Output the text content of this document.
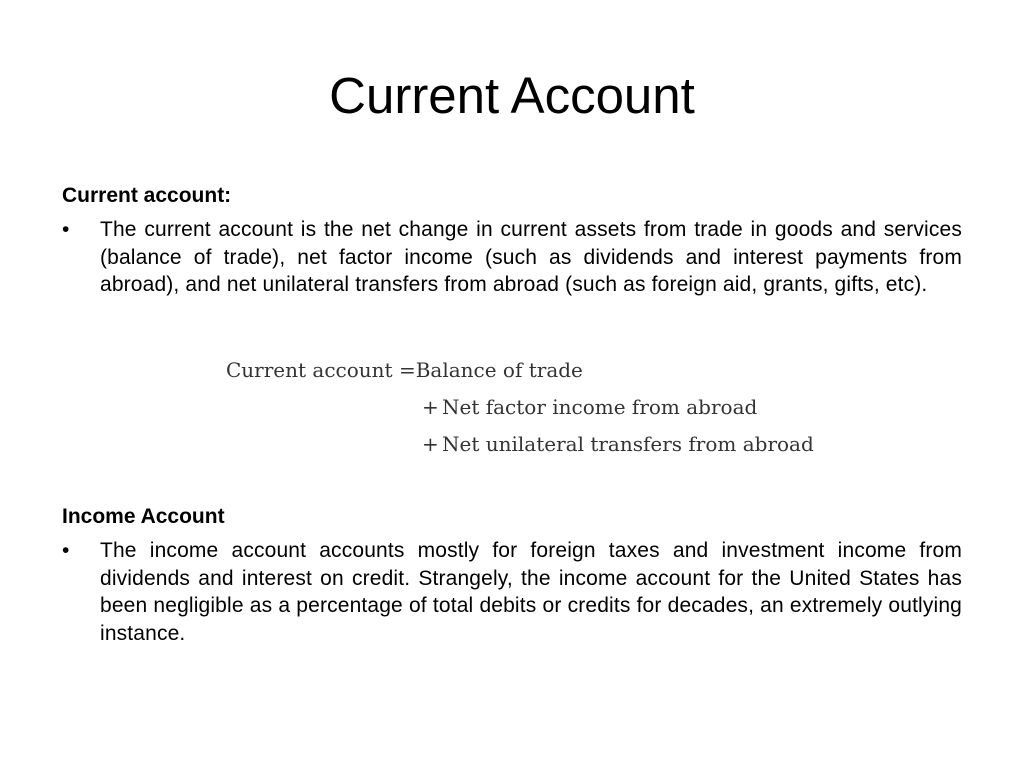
Current Account

Current account:

• The current account is the net change in current assets from trade in goods and services (balance of trade), net factor income (such as dividends and interest payments from abroad), and net unilateral transfers from abroad (such as foreign aid, grants, gifts, etc).
Current account =Balance of trade
+ Net factor income from abroad
+ Net unilateral transfers from abroad

Income Account

• The income account accounts mostly for foreign taxes and investment income from dividends and interest on credit. Strangely, the income account for the United States has been negligible as a percentage of total debits or credits for decades, an extremely outlying instance.
